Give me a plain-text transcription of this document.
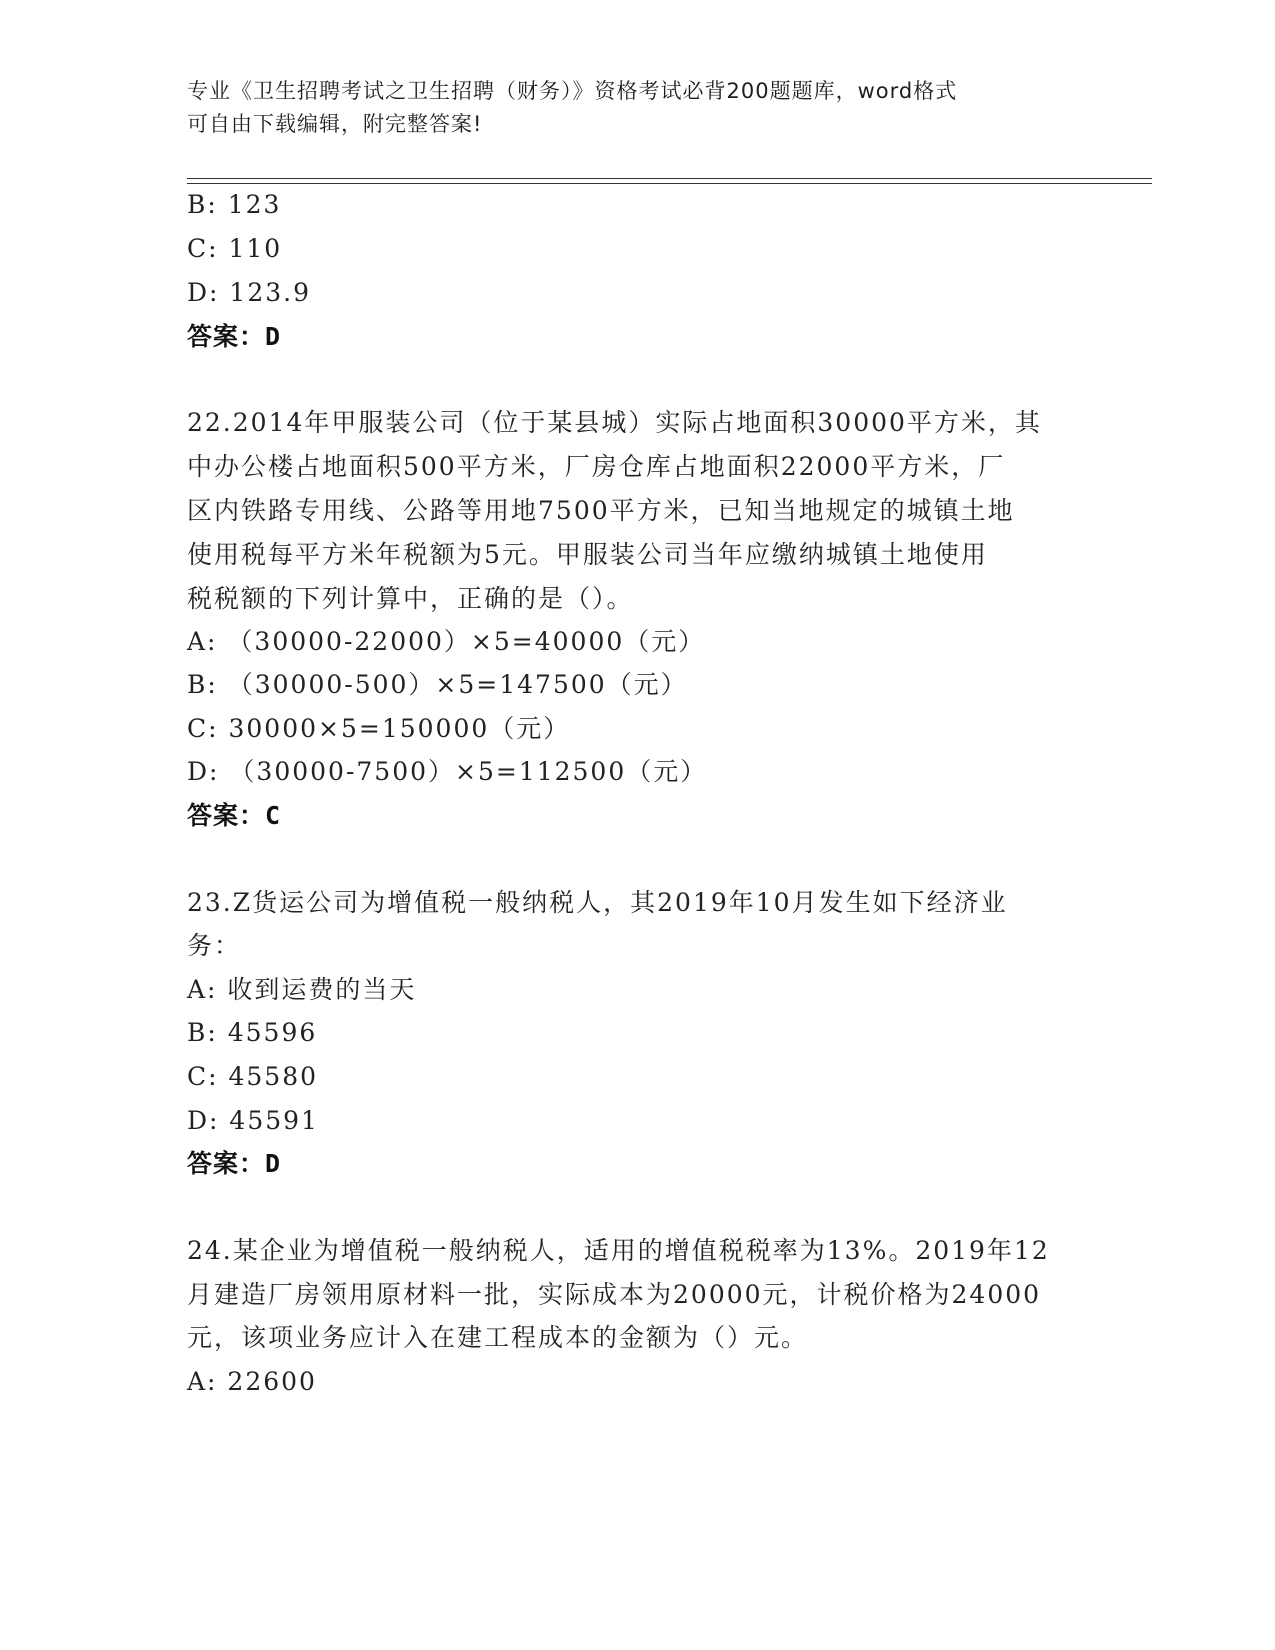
专业《卫生招聘考试之卫生招聘（财务）》资格考试必背200题题库，word格式
可自由下载编辑，附完整答案!
B: 123
C: 110
D: 123.9
答案：D
22.2014年甲服装公司（位于某县城）实际占地面积30000平方米，其
中办公楼占地面积500平方米，厂房仓库占地面积22000平方米，厂
区内铁路专用线、公路等用地7500平方米，已知当地规定的城镇土地
使用税每平方米年税额为5元。甲服装公司当年应缴纳城镇土地使用
税税额的下列计算中，正确的是（）。
A: （30000-22000）×5=40000（元）
B: （30000-500）×5=147500（元）
C: 30000×5=150000（元）
D: （30000-7500）×5=112500（元）
答案：C
23.Z货运公司为增值税一般纳税人，其2019年10月发生如下经济业
务：
A: 收到运费的当天
B: 45596
C: 45580
D: 45591
答案：D
24.某企业为增值税一般纳税人，适用的增值税税率为13%。2019年12
月建造厂房领用原材料一批，实际成本为20000元，计税价格为24000
元，该项业务应计入在建工程成本的金额为（）元。
A: 22600
